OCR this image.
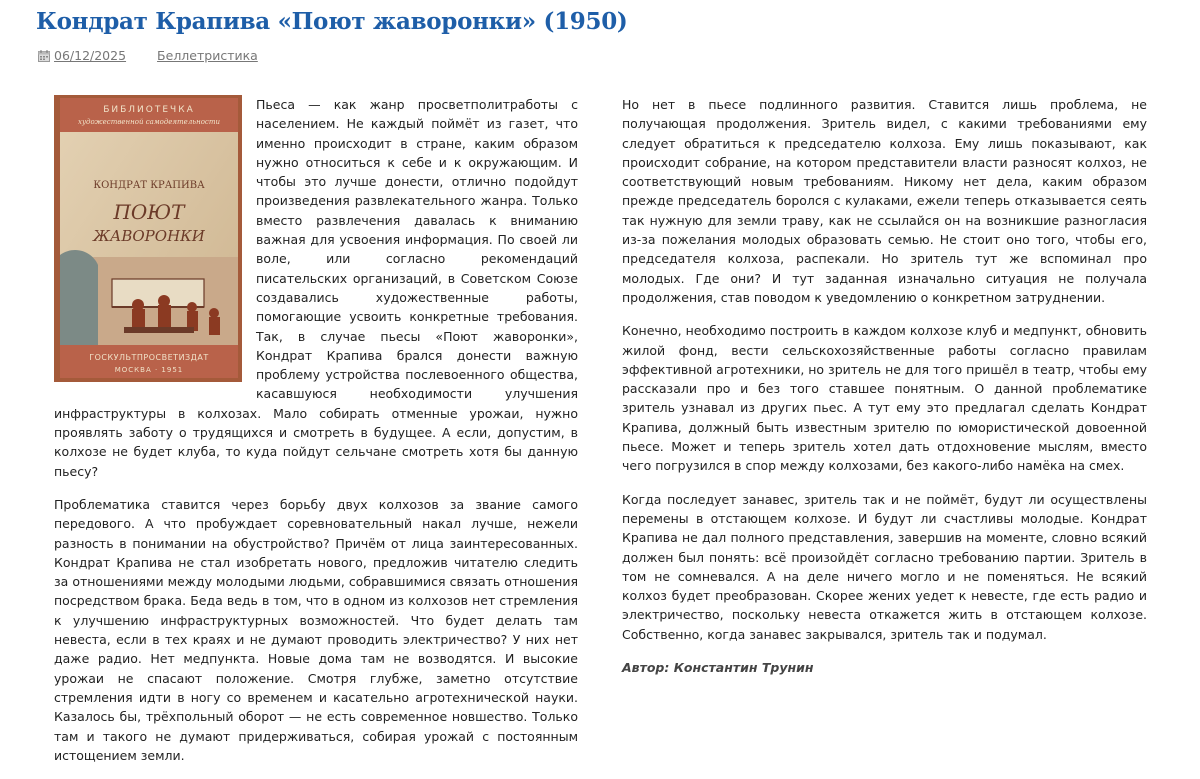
Кондрат Крапива «Поют жаворонки» (1950)
06/12/2025 Беллетристика
БИБЛИОТЕЧКА
художественной самодеятельности
КОНДРАТ КРАПИВА
ПОЮТ
ЖАВОРОНКИ
ГОСКУЛЬТПРОСВЕТИЗДАТ
МОСКВА · 1951

Пьеса — как жанр просветполитработы с населением. Не каждый поймёт из газет, что именно происходит в стране, каким образом нужно относиться к себе и к окружающим. И чтобы это лучше донести, отлично подойдут произведения развлекательного жанра. Только вместо развлечения давалась к вниманию важная для усвоения информация. По своей ли воле, или согласно рекомендаций писательских организаций, в Советском Союзе создавались художественные работы, помогающие усвоить конкретные требования. Так, в случае пьесы «Поют жаворонки», Кондрат Крапива брался донести важную проблему устройства послевоенного общества, касавшуюся необходимости улучшения инфраструктуры в колхозах. Мало собирать отменные урожаи, нужно проявлять заботу о трудящихся и смотреть в будущее. А если, допустим, в колхозе не будет клуба, то куда пойдут сельчане смотреть хотя бы данную пьесу?

Проблематика ставится через борьбу двух колхозов за звание самого передового. А что пробуждает соревновательный накал лучше, нежели разность в понимании на обустройство? Причём от лица заинтересованных. Кондрат Крапива не стал изобретать нового, предложив читателю следить за отношениями между молодыми людьми, собравшимися связать отношения посредством брака. Беда ведь в том, что в одном из колхозов нет стремления к улучшению инфраструктурных возможностей. Что будет делать там невеста, если в тех краях и не думают проводить электричество? У них нет даже радио. Нет медпункта. Новые дома там не возводятся. И высокие урожаи не спасают положение. Смотря глубже, заметно отсутствие стремления идти в ногу со временем и касательно агротехнической науки. Казалось бы, трёхпольный оборот — не есть современное новшество. Только там и такого не думают придерживаться, собирая урожай с постоянным истощением земли.

Но нет в пьесе подлинного развития. Ставится лишь проблема, не получающая продолжения. Зритель видел, с какими требованиями ему следует обратиться к председателю колхоза. Ему лишь показывают, как происходит собрание, на котором представители власти разносят колхоз, не соответствующий новым требованиям. Никому нет дела, каким образом прежде председатель боролся с кулаками, ежели теперь отказывается сеять так нужную для земли траву, как не ссылайся он на возникшие разногласия из-за пожелания молодых образовать семью. Не стоит оно того, чтобы его, председателя колхоза, распекали. Но зритель тут же вспоминал про молодых. Где они? И тут заданная изначально ситуация не получала продолжения, став поводом к уведомлению о конкретном затруднении.

Конечно, необходимо построить в каждом колхозе клуб и медпункт, обновить жилой фонд, вести сельскохозяйственные работы согласно правилам эффективной агротехники, но зритель не для того пришёл в театр, чтобы ему рассказали про и без того ставшее понятным. О данной проблематике зритель узнавал из других пьес. А тут ему это предлагал сделать Кондрат Крапива, должный быть известным зрителю по юмористической довоенной пьесе. Может и теперь зритель хотел дать отдохновение мыслям, вместо чего погрузился в спор между колхозами, без какого-либо намёка на смех.

Когда последует занавес, зритель так и не поймёт, будут ли осуществлены перемены в отстающем колхозе. И будут ли счастливы молодые. Кондрат Крапива не дал полного представления, завершив на моменте, словно всякий должен был понять: всё произойдёт согласно требованию партии. Зритель в том не сомневался. А на деле ничего могло и не поменяться. Не всякий колхоз будет преобразован. Скорее жених уедет к невесте, где есть радио и электричество, поскольку невеста откажется жить в отстающем колхозе. Собственно, когда занавес закрывался, зритель так и подумал.

Автор: Константин Трунин
